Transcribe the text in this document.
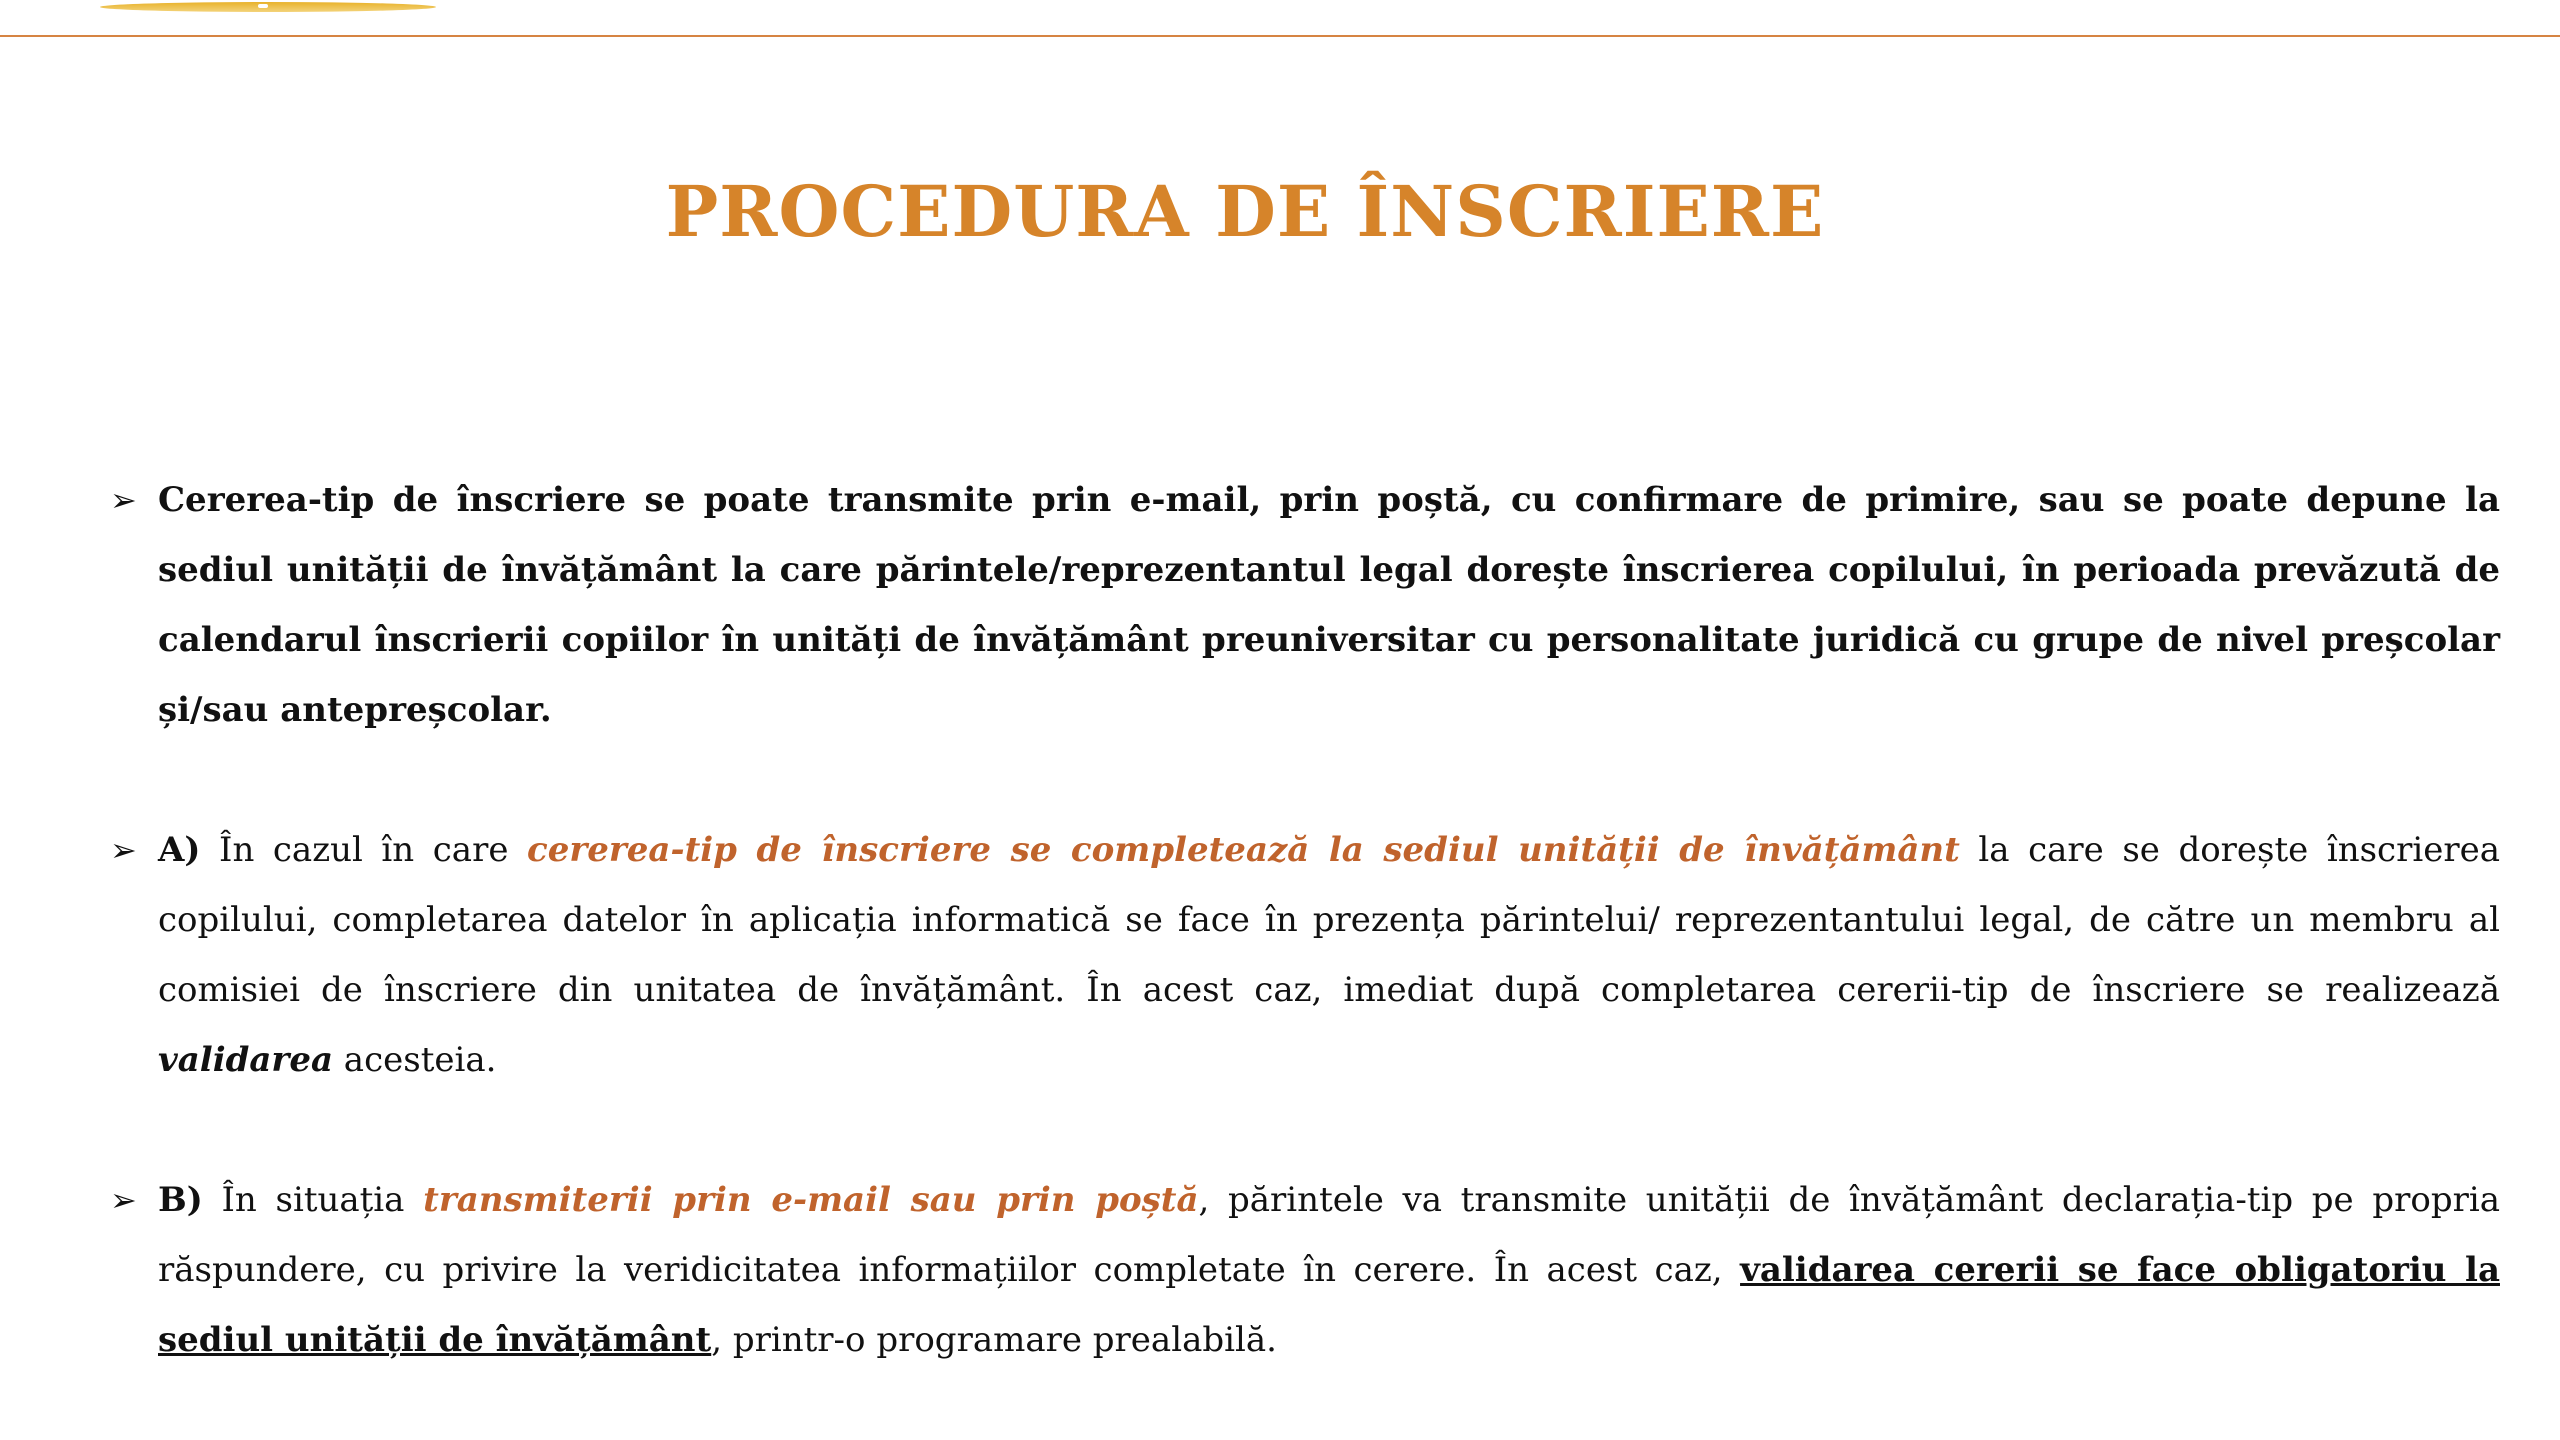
PROCEDURA DE ÎNSCRIERE
➢ Cererea-tip de înscriere se poate transmite prin e-mail, prin poștă, cu confirmare de primire, sau se poate depune la sediul unității de învățământ la care părintele/reprezentantul legal dorește înscrierea copilului, în perioada prevăzută de calendarul înscrierii copiilor în unități de învățământ preuniversitar cu personalitate juridică cu grupe de nivel preșcolar și/sau antepreșcolar.
➢ A) În cazul în care cererea-tip de înscriere se completează la sediul unității de învățământ la care se dorește înscrierea copilului, completarea datelor în aplicația informatică se face în prezența părintelui/ reprezentantului legal, de către un membru al comisiei de înscriere din unitatea de învățământ. În acest caz, imediat după completarea cererii-tip de înscriere se realizează validarea acesteia.
➢ B) În situația transmiterii prin e-mail sau prin poștă, părintele va transmite unității de învățământ declarația-tip pe propria răspundere, cu privire la veridicitatea informațiilor completate în cerere. În acest caz, validarea cererii se face obligatoriu la sediul unității de învățământ, printr-o programare prealabilă.
